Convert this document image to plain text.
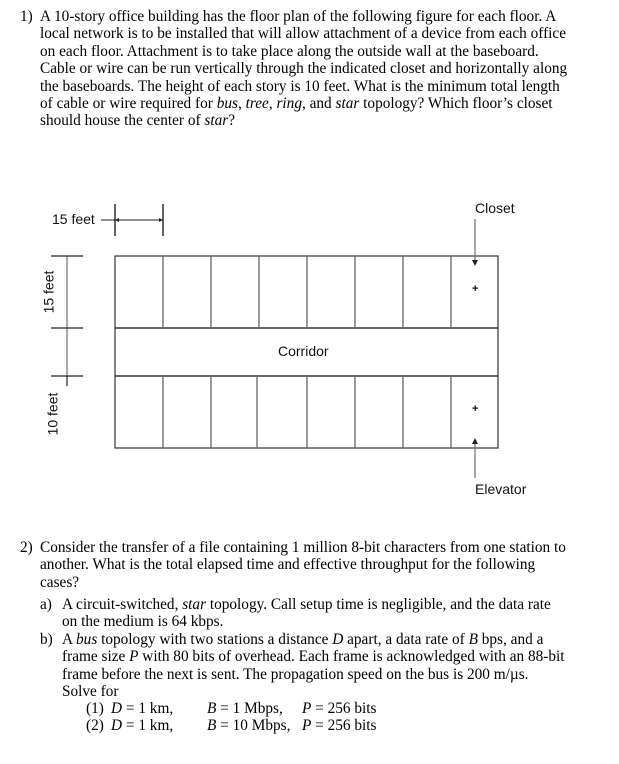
1) A 10-story office building has the floor plan of the following figure for each floor. A
local network is to be installed that will allow attachment of a device from each office
on each floor. Attachment is to take place along the outside wall at the baseboard.
Cable or wire can be run vertically through the indicated closet and horizontally along
the baseboards. The height of each story is 10 feet. What is the minimum total length
of cable or wire required for bus, tree, ring, and star topology? Which floor’s closet
should house the center of star?
15 feet
15 feet
10 feet
Corridor
Closet
Elevator
+
+
2) Consider the transfer of a file containing 1 million 8-bit characters from one station to
another. What is the total elapsed time and effective throughput for the following
cases?
a) A circuit-switched, star topology. Call setup time is negligible, and the data rate
on the medium is 64 kbps.
b) A bus topology with two stations a distance D apart, a data rate of B bps, and a
frame size P with 80 bits of overhead. Each frame is acknowledged with an 88-bit
frame before the next is sent. The propagation speed on the bus is 200 m/µs.
Solve for
(1) D = 1 km, B = 1 Mbps, P = 256 bits
(2) D = 1 km, B = 10 Mbps, P = 256 bits
